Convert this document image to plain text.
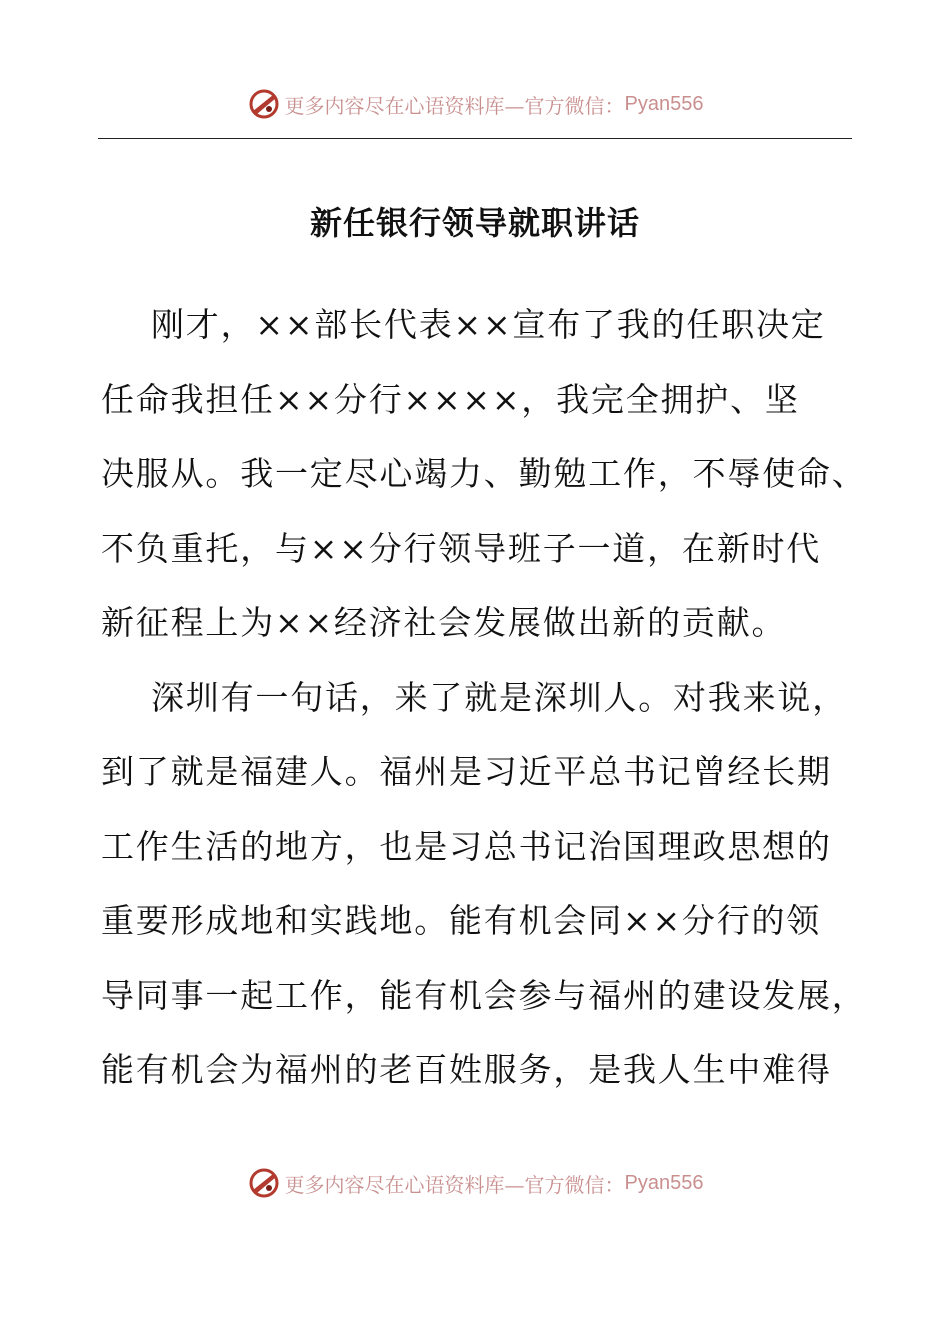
更多内容尽在心语资料库—官方微信： Pyan556
新任银行领导就职讲话
刚才，××部长代表××宣布了我的任职决定
任命我担任××分行××××，我完全拥护、坚
决服从。我一定尽心竭力、勤勉工作，不辱使命、
不负重托，与××分行领导班子一道，在新时代
新征程上为××经济社会发展做出新的贡献。
深圳有一句话，来了就是深圳人。对我来说，
到了就是福建人。福州是习近平总书记曾经长期
工作生活的地方，也是习总书记治国理政思想的
重要形成地和实践地。能有机会同××分行的领
导同事一起工作，能有机会参与福州的建设发展，
能有机会为福州的老百姓服务，是我人生中难得
更多内容尽在心语资料库—官方微信： Pyan556
